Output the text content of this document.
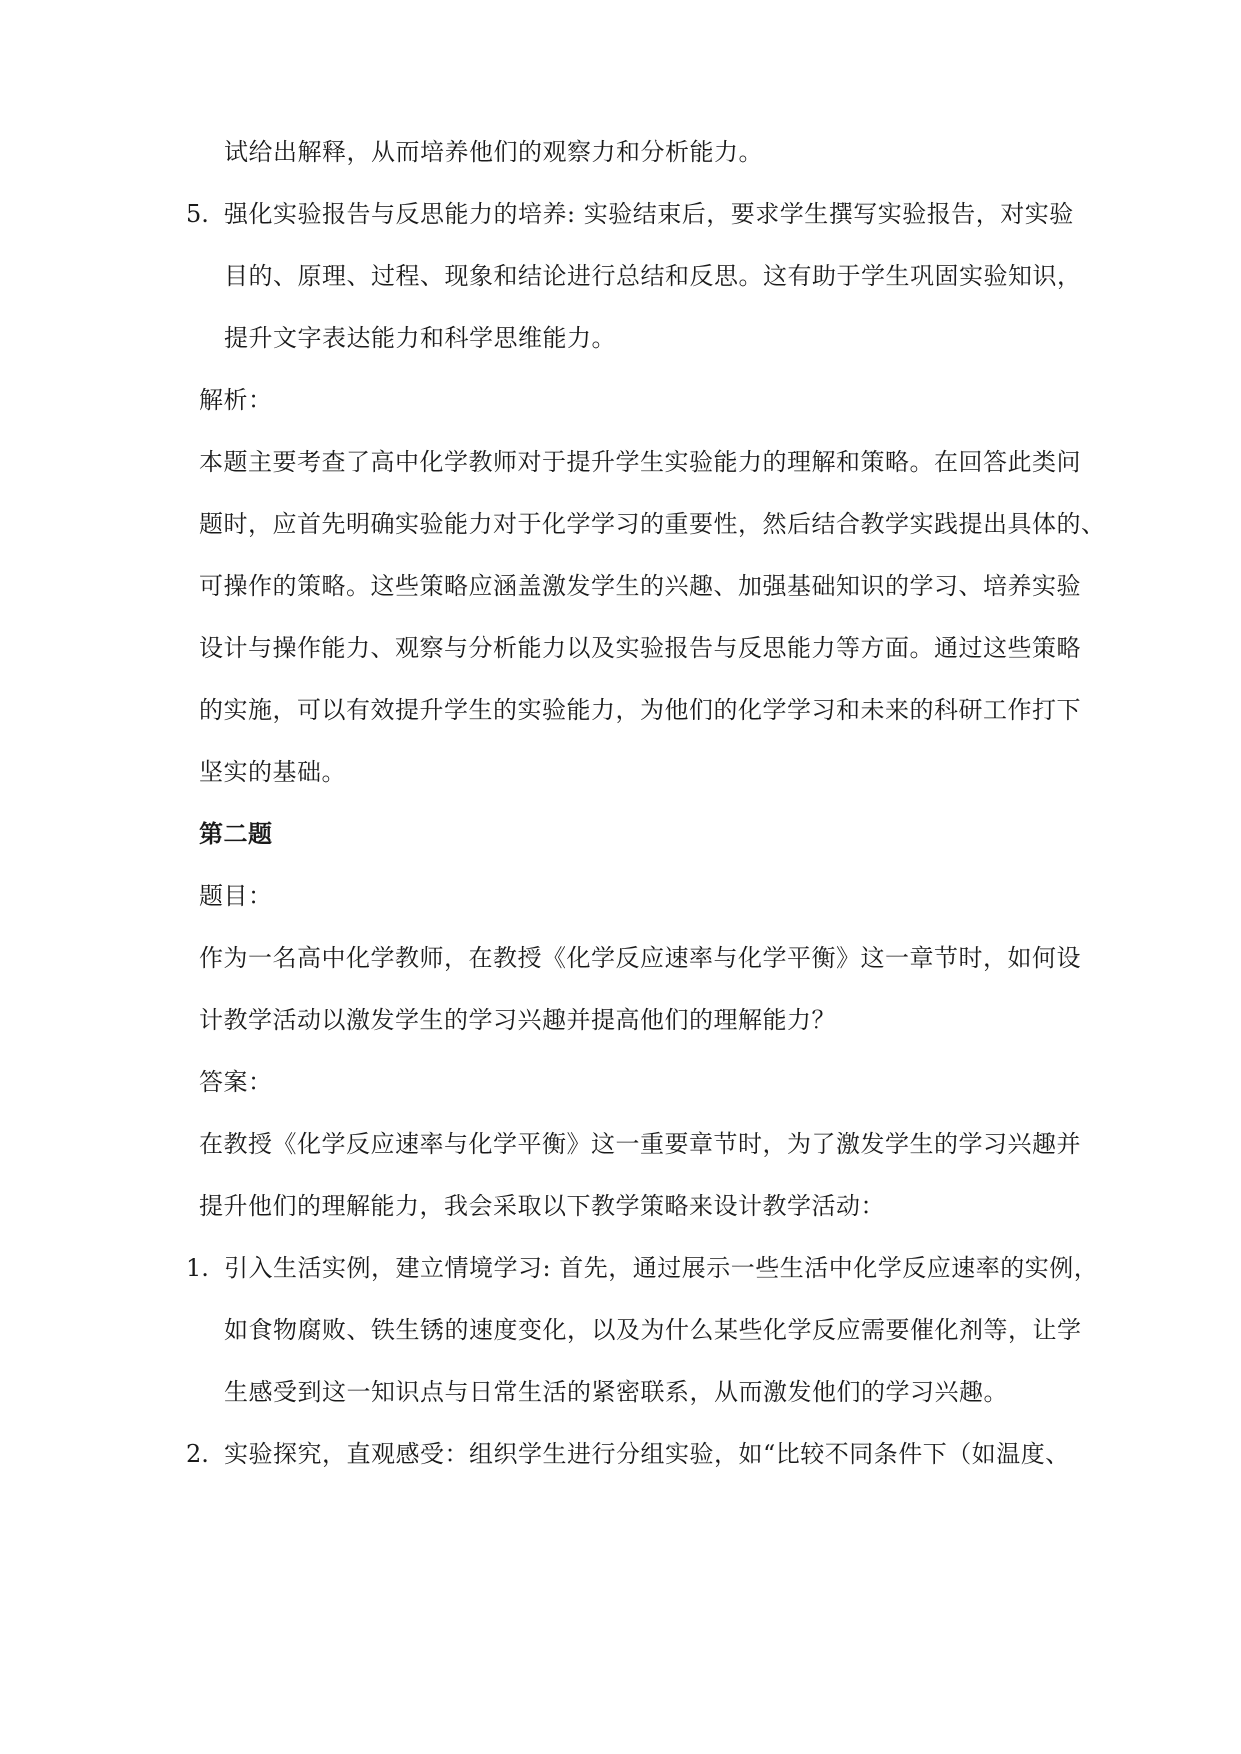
试给出解释，从而培养他们的观察力和分析能力。
5. 强化实验报告与反思能力的培养: 实验结束后，要求学生撰写实验报告，对实验
目的、原理、过程、现象和结论进行总结和反思。这有助于学生巩固实验知识，
提升文字表达能力和科学思维能力。
解析：
本题主要考查了高中化学教师对于提升学生实验能力的理解和策略。在回答此类问
题时，应首先明确实验能力对于化学学习的重要性，然后结合教学实践提出具体的、
可操作的策略。这些策略应涵盖激发学生的兴趣、加强基础知识的学习、培养实验
设计与操作能力、观察与分析能力以及实验报告与反思能力等方面。通过这些策略
的实施，可以有效提升学生的实验能力，为他们的化学学习和未来的科研工作打下
坚实的基础。
第二题
题目：
作为一名高中化学教师，在教授《化学反应速率与化学平衡》这一章节时，如何设
计教学活动以激发学生的学习兴趣并提高他们的理解能力？
答案：
在教授《化学反应速率与化学平衡》这一重要章节时，为了激发学生的学习兴趣并
提升他们的理解能力，我会采取以下教学策略来设计教学活动：
1. 引入生活实例，建立情境学习: 首先，通过展示一些生活中化学反应速率的实例，
如食物腐败、铁生锈的速度变化，以及为什么某些化学反应需要催化剂等，让学
生感受到这一知识点与日常生活的紧密联系，从而激发他们的学习兴趣。
2. 实验探究，直观感受：组织学生进行分组实验，如“比较不同条件下（如温度、
